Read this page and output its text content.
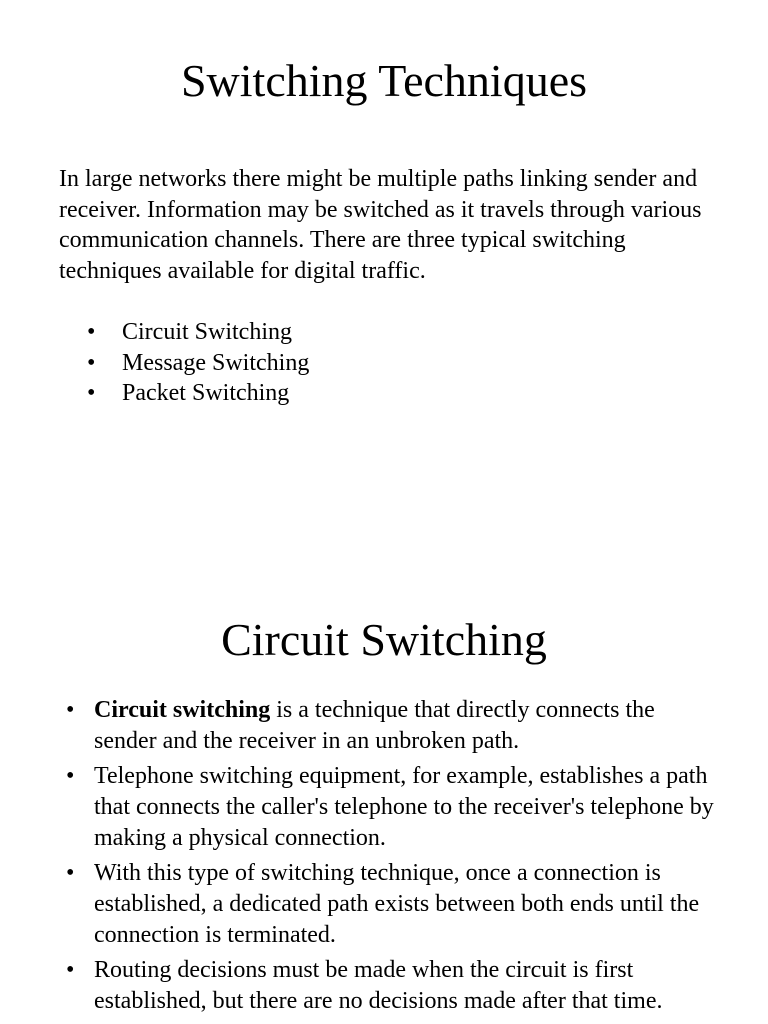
Switching Techniques

In large networks there might be multiple paths linking sender and receiver. Information may be switched as it travels through various communication channels. There are three typical switching techniques available for digital traffic.

• Circuit Switching
• Message Switching
• Packet Switching
Circuit Switching
• Circuit switching is a technique that directly connects the sender and the receiver in an unbroken path.
• Telephone switching equipment, for example, establishes a path that connects the caller's telephone to the receiver's telephone by making a physical connection.
• With this type of switching technique, once a connection is established, a dedicated path exists between both ends until the connection is terminated.
• Routing decisions must be made when the circuit is first established, but there are no decisions made after that time.
